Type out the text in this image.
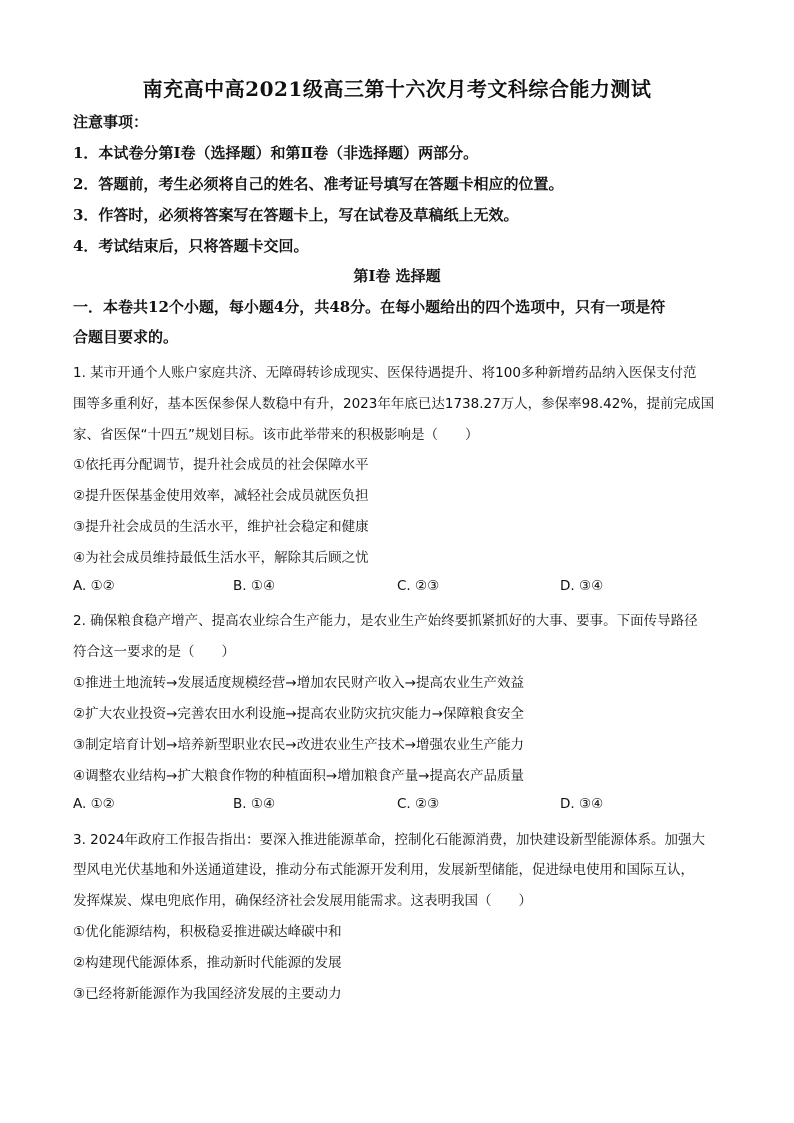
南充高中高2021级高三第十六次月考文科综合能力测试
注意事项：
1．本试卷分第Ⅰ卷（选择题）和第Ⅱ卷（非选择题）两部分。
2．答题前，考生必须将自己的姓名、准考证号填写在答题卡相应的位置。
3．作答时，必须将答案写在答题卡上，写在试卷及草稿纸上无效。
4．考试结束后，只将答题卡交回。
第Ⅰ卷 选择题
一．本卷共12个小题，每小题4分，共48分。在每小题给出的四个选项中，只有一项是符
合题目要求的。
1. 某市开通个人账户家庭共济、无障碍转诊成现实、医保待遇提升、将100多种新增药品纳入医保支付范
围等多重利好，基本医保参保人数稳中有升，2023年年底已达1738.27万人，参保率98.42%，提前完成国
家、省医保“十四五”规划目标。该市此举带来的积极影响是（　　）
①依托再分配调节，提升社会成员的社会保障水平
②提升医保基金使用效率，减轻社会成员就医负担
③提升社会成员的生活水平，维护社会稳定和健康
④为社会成员维持最低生活水平，解除其后顾之忧
A. ①②	B. ①④	C. ②③	D. ③④
2. 确保粮食稳产增产、提高农业综合生产能力，是农业生产始终要抓紧抓好的大事、要事。下面传导路径
符合这一要求的是（　　）
①推进土地流转→发展适度规模经营→增加农民财产收入→提高农业生产效益
②扩大农业投资→完善农田水利设施→提高农业防灾抗灾能力→保障粮食安全
③制定培育计划→培养新型职业农民→改进农业生产技术→增强农业生产能力
④调整农业结构→扩大粮食作物的种植面积→增加粮食产量→提高农产品质量
A. ①②	B. ①④	C. ②③	D. ③④
3. 2024年政府工作报告指出：要深入推进能源革命，控制化石能源消费，加快建设新型能源体系。加强大
型风电光伏基地和外送通道建设，推动分布式能源开发利用，发展新型储能，促进绿电使用和国际互认，
发挥煤炭、煤电兜底作用，确保经济社会发展用能需求。这表明我国（　　）
①优化能源结构，积极稳妥推进碳达峰碳中和
②构建现代能源体系，推动新时代能源的发展
③已经将新能源作为我国经济发展的主要动力
